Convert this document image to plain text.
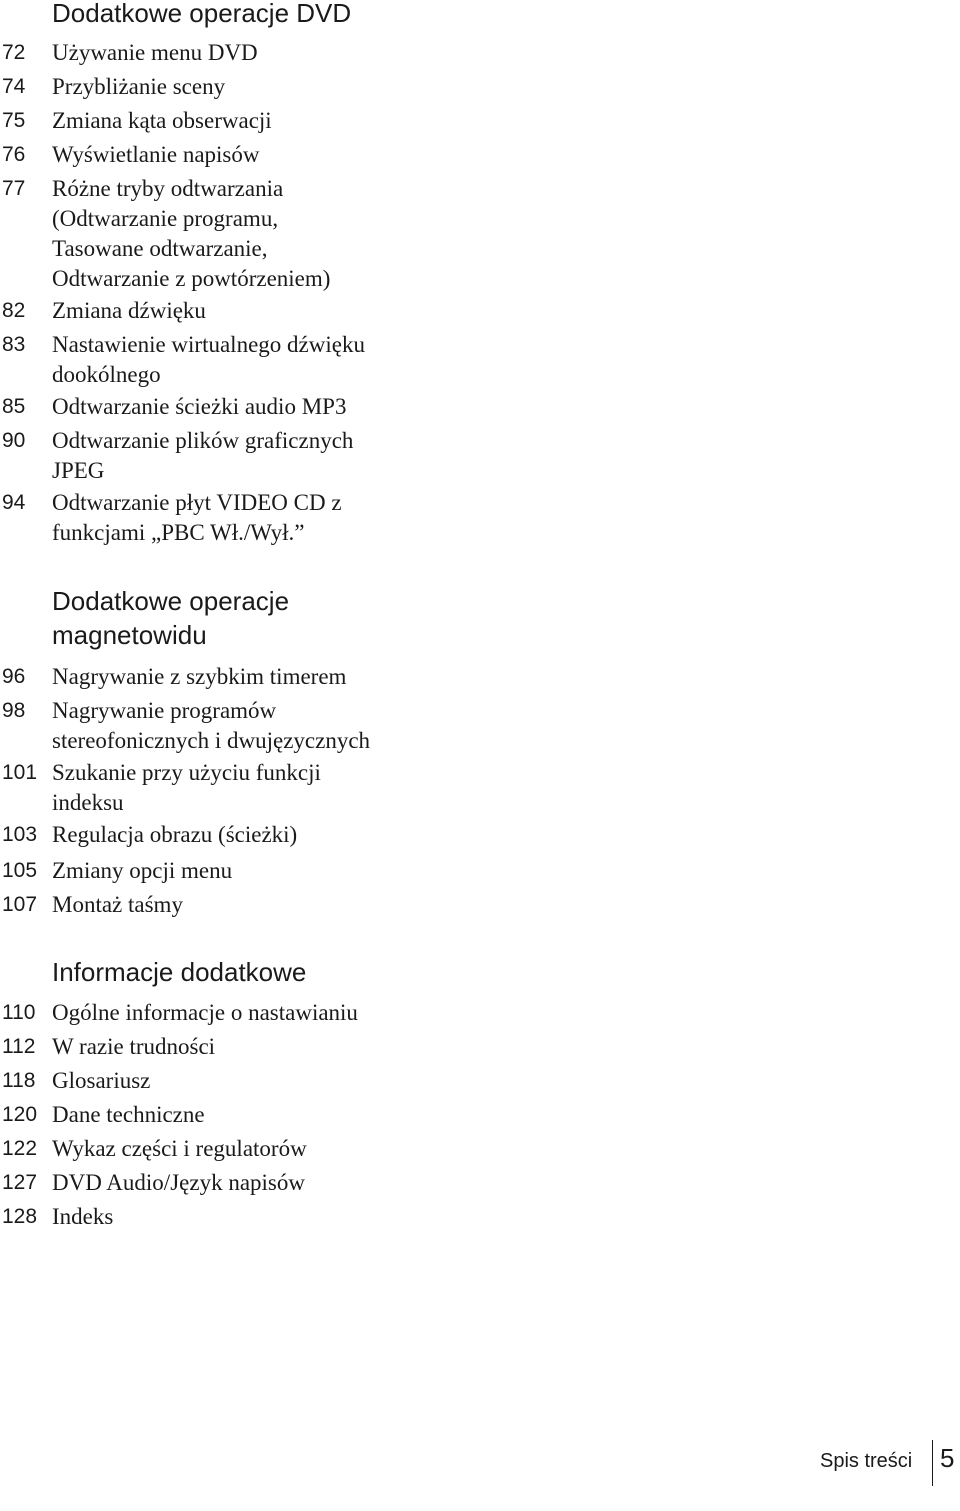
Dodatkowe operacje DVD
72 Używanie menu DVD
74 Przybliżanie sceny
75 Zmiana kąta obserwacji
76 Wyświetlanie napisów
77 Różne tryby odtwarzania
(Odtwarzanie programu,
Tasowane odtwarzanie,
Odtwarzanie z powtórzeniem)
82 Zmiana dźwięku
83 Nastawienie wirtualnego dźwięku
dookólnego
85 Odtwarzanie ścieżki audio MP3
90 Odtwarzanie plików graficznych
JPEG
94 Odtwarzanie płyt VIDEO CD z
funkcjami „PBC Wł./Wył.”
Dodatkowe operacje
magnetowidu
96 Nagrywanie z szybkim timerem
98 Nagrywanie programów
stereofonicznych i dwujęzycznych
101 Szukanie przy użyciu funkcji
indeksu
103 Regulacja obrazu (ścieżki)
105 Zmiany opcji menu
107 Montaż taśmy
Informacje dodatkowe
110 Ogólne informacje o nastawianiu
112 W razie trudności
118 Glosariusz
120 Dane techniczne
122 Wykaz części i regulatorów
127 DVD Audio/Język napisów
128 Indeks
Spis treści 5
